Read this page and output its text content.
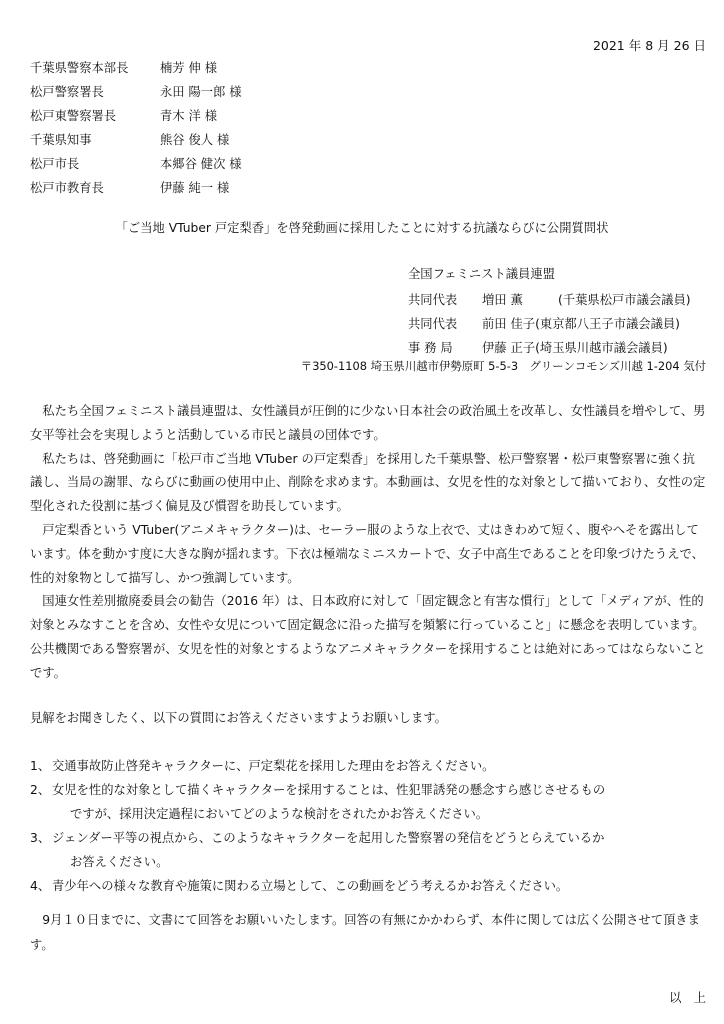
2021 年 8 月 26 日
千葉県警察本部長	楠芳 伸 様
松戸警察署長	永田 陽一郎 様
松戸東警察署長	青木 洋 様
千葉県知事	熊谷 俊人 様
松戸市長	本郷谷 健次 様
松戸市教育長	伊藤 純一 様
「ご当地 VTuber 戸定梨香」を啓発動画に採用したことに対する抗議ならびに公開質問状
全国フェミニスト議員連盟
共同代表 増田 薫	(千葉県松戸市議会議員)
共同代表 前田 佳子(東京都八王子市議会議員)
事 務 局 伊藤 正子(埼玉県川越市議会議員)
〒350-1108 埼玉県川越市伊勢原町 5-5-3　グリーンコモンズ川越 1-204 気付

私たち全国フェミニスト議員連盟は、女性議員が圧倒的に少ない日本社会の政治風土を改革し、女性議員を増やして、男女平等社会を実現しようと活動している市民と議員の団体です。

私たちは、啓発動画に「松戸市ご当地 VTuber の戸定梨香」を採用した千葉県警、松戸警察署・松戸東警察署に強く抗議し、当局の謝罪、ならびに動画の使用中止、削除を求めます。本動画は、女児を性的な対象として描いており、女性の定型化された役割に基づく偏見及び慣習を助長しています。

戸定梨香という VTuber(アニメキャラクター)は、セーラー服のような上衣で、丈はきわめて短く、腹やへそを露出しています。体を動かす度に大きな胸が揺れます。下衣は極端なミニスカートで、女子中高生であることを印象づけたうえで、性的対象物として描写し、かつ強調しています。

国連女性差別撤廃委員会の勧告（2016 年）は、日本政府に対して「固定観念と有害な慣行」として「メディアが、性的対象とみなすことを含め、女性や女児について固定観念に沿った描写を頻繁に行っていること」に懸念を表明しています。公共機関である警察署が、女児を性的対象とするようなアニメキャラクターを採用することは絶対にあってはならないことです。

見解をお聞きしたく、以下の質問にお答えくださいますようお願いします。
1、 交通事故防止啓発キャラクターに、戸定梨花を採用した理由をお答えください。
2、 女児を性的な対象として描くキャラクターを採用することは、性犯罪誘発の懸念すら感じさせるもの
ですが、採用決定過程においてどのような検討をされたかお答えください。
3、 ジェンダー平等の視点から、このようなキャラクターを起用した警察署の発信をどうとらえているか
お答えください。
4、 青少年への様々な教育や施策に関わる立場として、この動画をどう考えるかお答えください。
9月１０日までに、文書にて回答をお願いいたします。回答の有無にかかわらず、本件に関しては広く公開させて頂きます。
以　上
